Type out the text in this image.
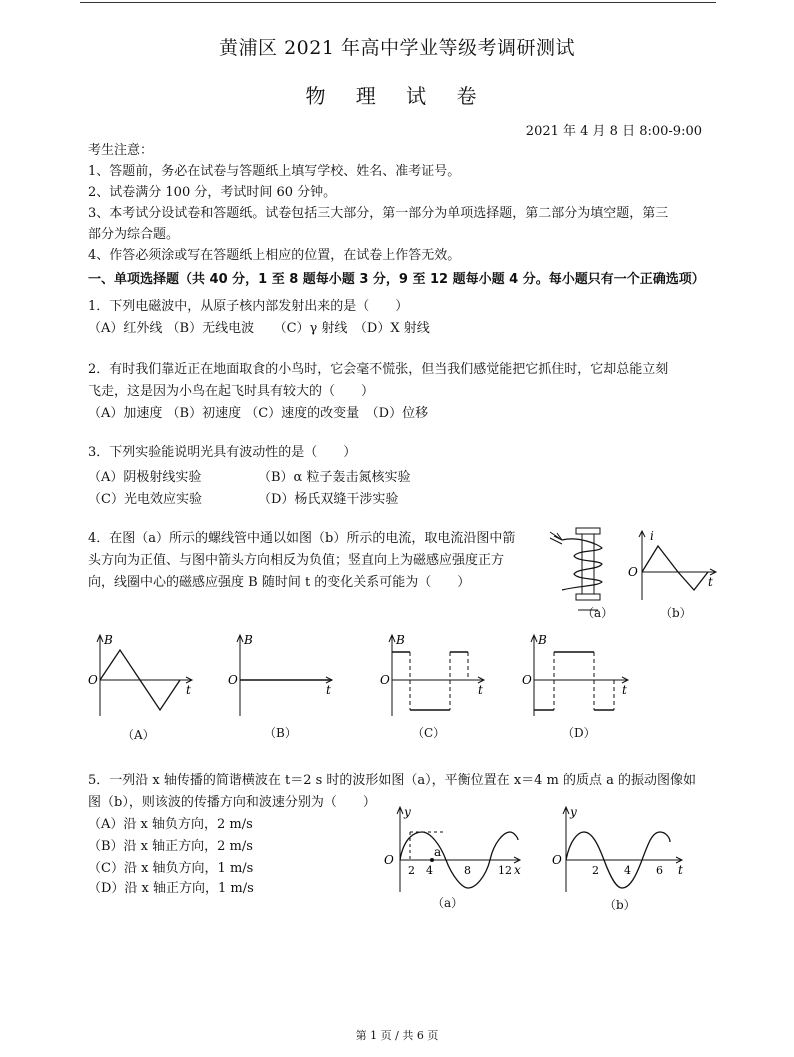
黄浦区 2021 年高中学业等级考调研测试
物 理 试 卷
2021 年 4 月 8 日 8:00-9:00
考生注意：
1、答题前，务必在试卷与答题纸上填写学校、姓名、准考证号。
2、试卷满分 100 分，考试时间 60 分钟。
3、本考试分设试卷和答题纸。试卷包括三大部分，第一部分为单项选择题，第二部分为填空题，第三
部分为综合题。
4、作答必须涂或写在答题纸上相应的位置，在试卷上作答无效。
一、单项选择题（共 40 分，1 至 8 题每小题 3 分，9 至 12 题每小题 4 分。每小题只有一个正确选项）
1．下列电磁波中，从原子核内部发射出来的是（　　）
（A）红外线 （B）无线电波　　（C）γ 射线　（D）X 射线
2．有时我们靠近正在地面取食的小鸟时，它会毫不慌张，但当我们感觉能把它抓住时，它却总能立刻
飞走，这是因为小鸟在起飞时具有较大的（　　）
（A）加速度 （B）初速度 （C）速度的改变量　（D）位移
3．下列实验能说明光具有波动性的是（　　）
（A）阴极射线实验	（B）α 粒子轰击氮核实验
（C）光电效应实验	（D）杨氏双缝干涉实验
4．在图（a）所示的螺线管中通以如图（b）所示的电流，取电流沿图中箭
头方向为正值、与图中箭头方向相反为负值；竖直向上为磁感应强度正方
向，线圈中心的磁感应强度 B 随时间 t 的变化关系可能为（　　）
（a）
i
O
t
（b）
B
O
t
（A）
B
O
t
（B）
B
O
t
（C）
B
O
t
（D）
5．一列沿 x 轴传播的简谐横波在 t＝2 s 时的波形如图（a），平衡位置在 x＝4 m 的质点 a 的振动图像如
图（b），则该波的传播方向和波速分别为（　　）
（A）沿 x 轴负方向，2 m/s
（B）沿 x 轴正方向，2 m/s
（C）沿 x 轴负方向，1 m/s
（D）沿 x 轴正方向，1 m/s
y
O
x
a
2 4	8 12
（a）
y
O
t
2 4 6
（b）
第 1 页 / 共 6 页
